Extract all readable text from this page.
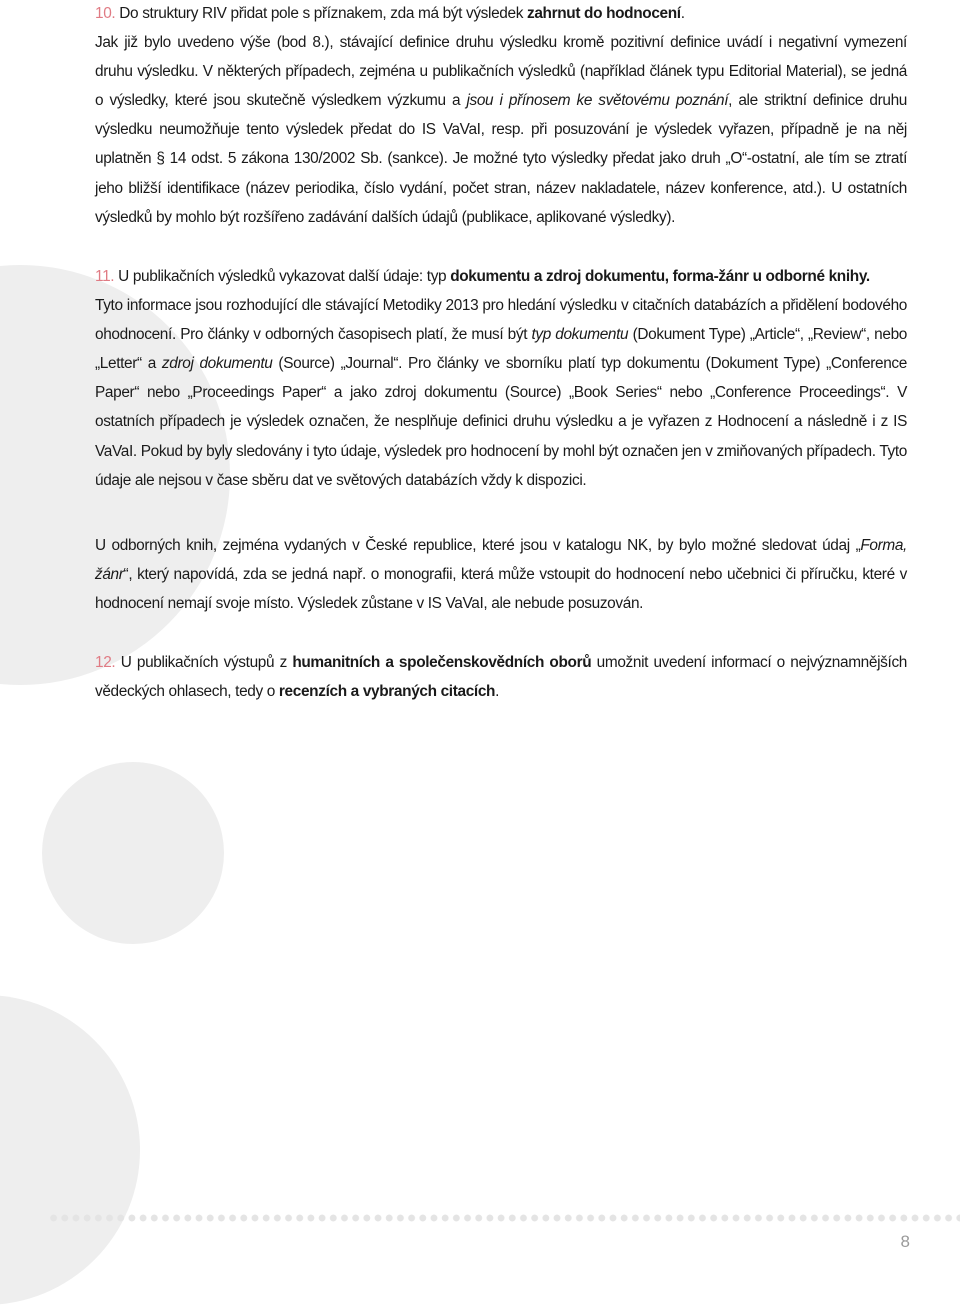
10. Do struktury RIV přidat pole s příznakem, zda má být výsledek zahrnut do hodnocení.
Jak již bylo uvedeno výše (bod 8.), stávající definice druhu výsledku kromě pozitivní definice uvádí i negativní vymezení druhu výsledku. V některých případech, zejména u publikačních výsledků (například článek typu Editorial Material), se jedná o výsledky, které jsou skutečně výsledkem výzkumu a jsou i přínosem ke světovému poznání, ale striktní definice druhu výsledku neumožňuje tento výsledek předat do IS VaVaI, resp. při posuzování je výsledek vyřazen, případně je na něj uplatněn § 14 odst. 5 zákona 130/2002 Sb. (sankce). Je možné tyto výsledky předat jako druh „O“-ostatní, ale tím se ztratí jeho bližší identifikace (název periodika, číslo vydání, počet stran, název nakladatele, název konference, atd.). U ostatních výsledků by mohlo být rozšířeno zadávání dalších údajů (publikace, aplikované výsledky).

11. U publikačních výsledků vykazovat další údaje: typ dokumentu a zdroj dokumentu, forma-žánr u odborné knihy.
Tyto informace jsou rozhodující dle stávající Metodiky 2013 pro hledání výsledku v citačních databázích a přidělení bodového ohodnocení. Pro články v odborných časopisech platí, že musí být typ dokumentu (Dokument Type) „Article“, „Review“, nebo „Letter“ a zdroj dokumentu (Source) „Journal“. Pro články ve sborníku platí typ dokumentu (Dokument Type) „Conference Paper“ nebo „Proceedings Paper“ a jako zdroj dokumentu (Source) „Book Series“ nebo „Conference Proceedings“. V ostatních případech je výsledek označen, že nesplňuje definici druhu výsledku a je vyřazen z Hodnocení a následně i z IS VaVaI. Pokud by byly sledovány i tyto údaje, výsledek pro hodnocení by mohl být označen jen v zmiňovaných případech. Tyto údaje ale nejsou v čase sběru dat ve světových databázích vždy k dispozici.

U odborných knih, zejména vydaných v České republice, které jsou v katalogu NK, by bylo možné sledovat údaj „Forma, žánr“, který napovídá, zda se jedná např. o monografii, která může vstoupit do hodnocení nebo učebnici či příručku, které v hodnocení nemají svoje místo. Výsledek zůstane v IS VaVaI, ale nebude posuzován.

12. U publikačních výstupů z humanitních a společenskovědních oborů umožnit uvedení informací o nejvýznamnějších vědeckých ohlasech, tedy o recenzích a vybraných citacích.

8
